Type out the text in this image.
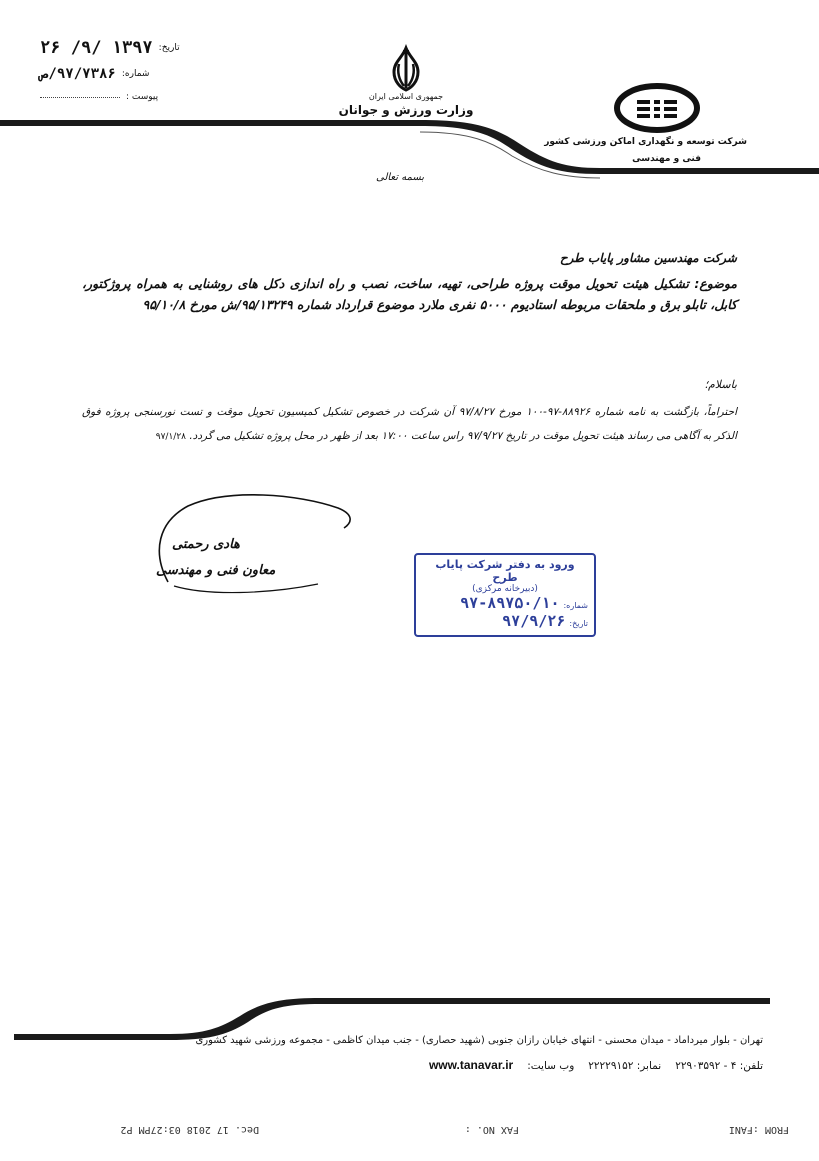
تاریخ:
۱۳۹۷ /۹/ ۲۶
شماره:
۹۷/۷۳۸۶/ص
پیوست :	جمهوری اسلامی ایران
وزارت ورزش و جوانان
شرکت توسعه و نگهداری اماکن ورزشی کشور
فنی و مهندسی
بسمه تعالی
شرکت مهندسین مشاور پایاب طرح
موضوع: تشکیل هیئت تحویل موقت پروژه طراحی، تهیه، ساخت، نصب و راه اندازی دکل های روشنایی به همراه پروژکتور، کابل، تابلو برق و ملحقات مربوطه استادیوم ۵۰۰۰ نفری ملارد موضوع قرارداد شماره ۹۵/۱۳۲۴۹/ش مورخ ۹۵/۱۰/۸
باسلام؛
احتراماً، بازگشت به نامه شماره ۸۸۹۲۶-۹۷-۱۰۰ مورخ ۹۷/۸/۲۷ آن شرکت در خصوص تشکیل کمیسیون تحویل موقت و تست نورسنجی پروژه فوق الذکر به آگاهی می رساند هیئت تحویل موقت در تاریخ ۹۷/۹/۲۷ راس ساعت ۱۷:۰۰ بعد از ظهر در محل پروژه تشکیل می گردد. ۹۷/۱/۲۸
هادی رحمتی
معاون فنی و مهندسی	ورود به دفتر شرکت پایاب طرح
(دبیرخانه مرکزی)
شماره:
۹۷-۸۹۷۵۰/۱۰
تاریخ:
۹۷/۹/۲۶
تهران - بلوار میرداماد - میدان محسنی - انتهای خیابان رازان جنوبی (شهید حصاری) - جنب میدان کاظمی - مجموعه ورزشی شهید کشوری
تلفن: ۴ - ۲۲۹۰۳۵۹۲
نمابر: ۲۲۲۲۹۱۵۲
وب سایت:
www.tanavar.ir
FROM :FANI
FAX NO. :
Dec. 17 2018 03:27PM P2
